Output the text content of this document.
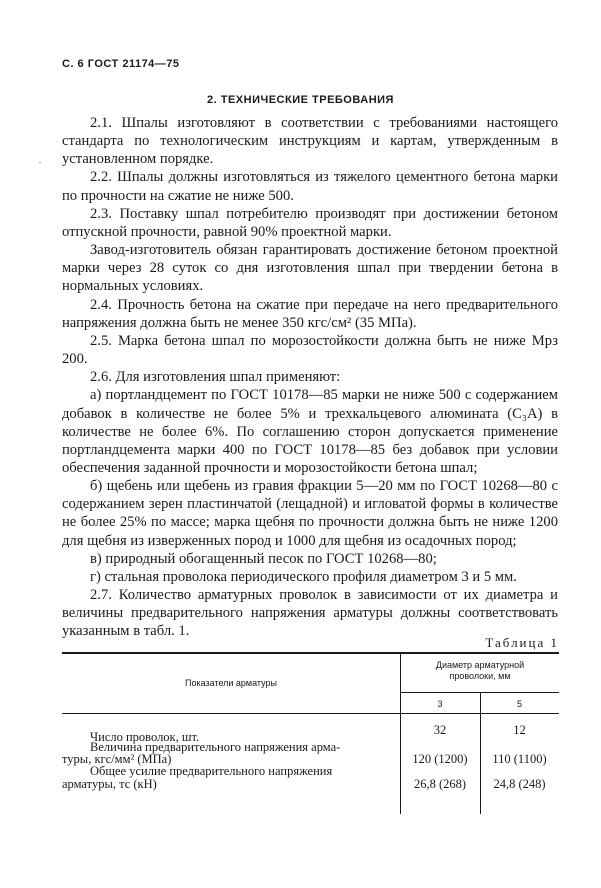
С. 6 ГОСТ 21174—75
2. ТЕХНИЧЕСКИЕ ТРЕБОВАНИЯ

2.1. Шпалы изготовляют в соответствии с требованиями настоящего стандарта по технологическим инструкциям и картам, утвержденным в установленном порядке.

2.2. Шпалы должны изготовляться из тяжелого цементного бетона марки по прочности на сжатие не ниже 500.

2.3. Поставку шпал потребителю производят при достижении бетоном отпускной прочности, равной 90% проектной марки.

Завод-изготовитель обязан гарантировать достижение бетоном проектной марки через 28 суток со дня изготовления шпал при твердении бетона в нормальных условиях.

2.4. Прочность бетона на сжатие при передаче на него предварительного напряжения должна быть не менее 350 кгс/см² (35 МПа).

2.5. Марка бетона шпал по морозостойкости должна быть не ниже Мрз 200.

2.6. Для изготовления шпал применяют:

а) портландцемент по ГОСТ 10178—85 марки не ниже 500 с содержанием добавок в количестве не более 5% и трехкальцевого алюмината (C₃A) в количестве не более 6%. По соглашению сторон допускается применение портландцемента марки 400 по ГОСТ 10178—85 без добавок при условии обеспечения заданной прочности и морозостойкости бетона шпал;

б) щебень или щебень из гравия фракции 5—20 мм по ГОСТ 10268—80 с содержанием зерен пластинчатой (лещадной) и игловатой формы в количестве не более 25% по массе; марка щебня по прочности должна быть не ниже 1200 для щебня из изверженных пород и 1000 для щебня из осадочных пород;

в) природный обогащенный песок по ГОСТ 10268—80;

г) стальная проволока периодического профиля диаметром 3 и 5 мм.

2.7. Количество арматурных проволок в зависимости от их диаметра и величины предварительного напряжения арматуры должны соответствовать указанным в табл. 1.

ˌ
Таблица 1
Показатели арматуры
Диаметр арматурной проволоки, мм
3	5
Число проволок, шт.	32	12
Величина предварительного напряжения арма-
туры, кгс/мм² (МПа)	120 (1200)	110 (1100)
Общее усилие предварительного напряжения
арматуры, тс (кН)	26,8 (268)	24,8 (248)
